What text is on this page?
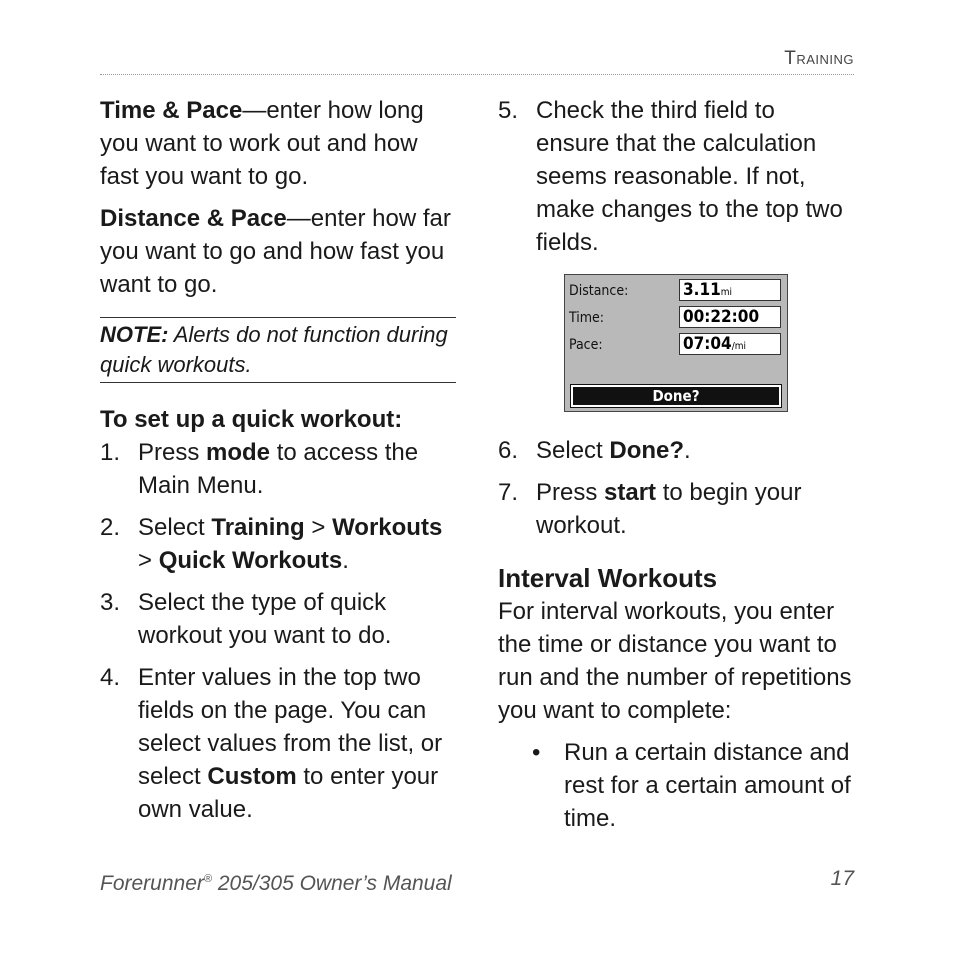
Training

Time & Pace—enter how long you want to work out and how fast you want to go.

Distance & Pace—enter how far you want to go and how fast you want to go.

NOTE: Alerts do not function during quick workouts.

To set up a quick workout:

1. Press mode to access the Main Menu.
2. Select Training > Workouts > Quick Workouts.
3. Select the type of quick workout you want to do.
4. Enter values in the top two fields on the page. You can select values from the list, or select Custom to enter your own value.
5. Check the third field to ensure that the calculation seems reasonable. If not, make changes to the top two fields.
Distance:	3.11mi
Time:	00:22:00
Pace:	07:04/mi
Done?
6. Select Done?.
7. Press start to begin your workout.

Interval Workouts

For interval workouts, you enter the time or distance you want to run and the number of repetitions you want to complete:

• Run a certain distance and rest for a certain amount of time.
Forerunner® 205/305 Owner’s Manual	17
